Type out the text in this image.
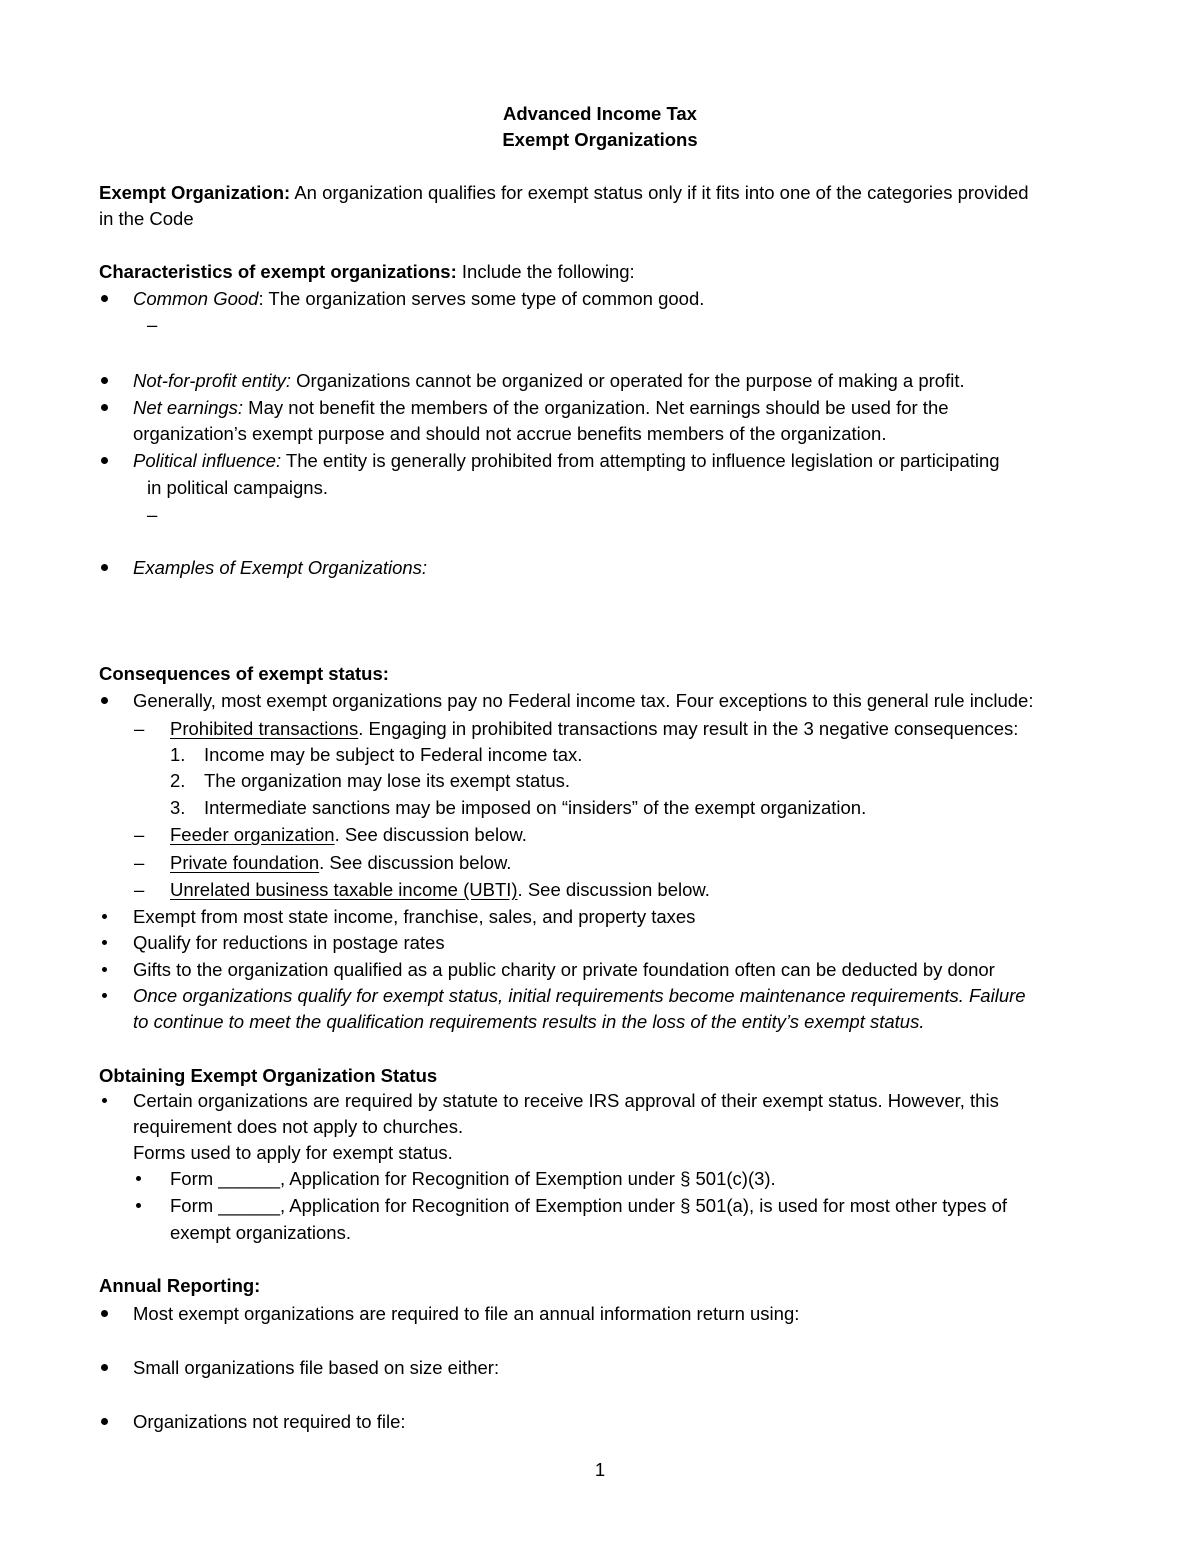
Advanced Income Tax
Exempt Organizations
Exempt Organization: An organization qualifies for exempt status only if it fits into one of the categories provided
in the Code
Characteristics of exempt organizations: Include the following:
Common Good: The organization serves some type of common good.
–
Not-for-profit entity: Organizations cannot be organized or operated for the purpose of making a profit.
Net earnings: May not benefit the members of the organization. Net earnings should be used for the
organization’s exempt purpose and should not accrue benefits members of the organization.
Political influence: The entity is generally prohibited from attempting to influence legislation or participating
in political campaigns.
–
Examples of Exempt Organizations:
Consequences of exempt status:
Generally, most exempt organizations pay no Federal income tax. Four exceptions to this general rule include:
– Prohibited transactions. Engaging in prohibited transactions may result in the 3 negative consequences:
1. Income may be subject to Federal income tax.
2. The organization may lose its exempt status.
3. Intermediate sanctions may be imposed on “insiders” of the exempt organization.
– Feeder organization. See discussion below.
– Private foundation. See discussion below.
– Unrelated business taxable income (UBTI). See discussion below.
Exempt from most state income, franchise, sales, and property taxes
Qualify for reductions in postage rates
Gifts to the organization qualified as a public charity or private foundation often can be deducted by donor
Once organizations qualify for exempt status, initial requirements become maintenance requirements. Failure
to continue to meet the qualification requirements results in the loss of the entity’s exempt status.
Obtaining Exempt Organization Status
Certain organizations are required by statute to receive IRS approval of their exempt status. However, this
requirement does not apply to churches.
Forms used to apply for exempt status.
Form ______, Application for Recognition of Exemption under § 501(c)(3).
Form ______, Application for Recognition of Exemption under § 501(a), is used for most other types of
exempt organizations.
Annual Reporting:
Most exempt organizations are required to file an annual information return using:
Small organizations file based on size either:
Organizations not required to file:
1
